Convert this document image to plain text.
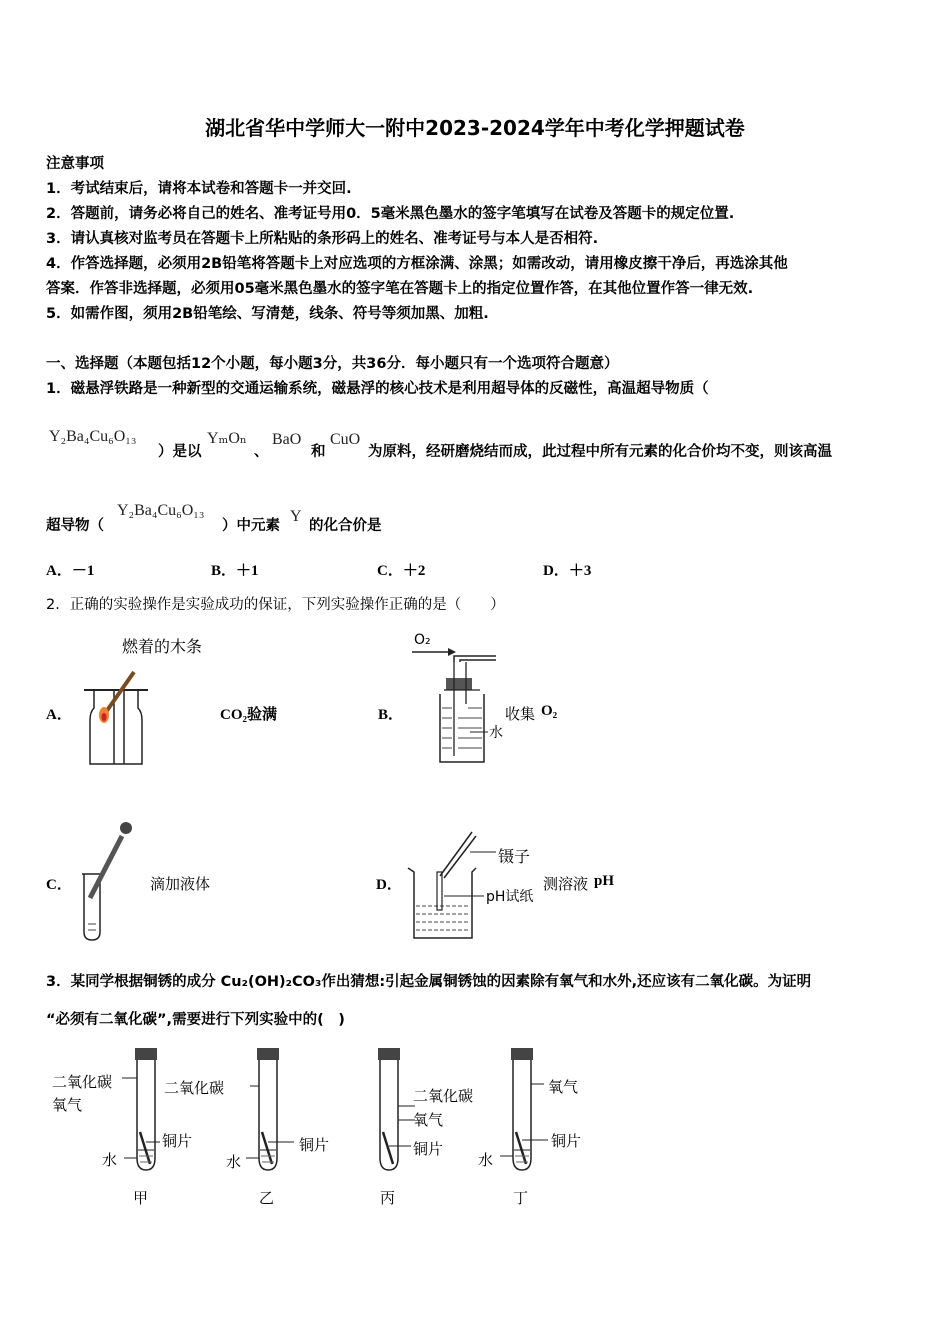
湖北省华中学师大一附中2023-2024学年中考化学押题试卷
注意事项
1．考试结束后，请将本试卷和答题卡一并交回.
2．答题前，请务必将自己的姓名、准考证号用0．5毫米黑色墨水的签字笔填写在试卷及答题卡的规定位置.
3．请认真核对监考员在答题卡上所粘贴的条形码上的姓名、准考证号与本人是否相符.
4．作答选择题，必须用2B铅笔将答题卡上对应选项的方框涂满、涂黑；如需改动，请用橡皮擦干净后，再选涂其他
答案．作答非选择题，必须用05毫米黑色墨水的签字笔在答题卡上的指定位置作答，在其他位置作答一律无效.
5．如需作图，须用2B铅笔绘、写清楚，线条、符号等须加黑、加粗.
一、选择题（本题包括12个小题，每小题3分，共36分．每小题只有一个选项符合题意）
1．磁悬浮铁路是一种新型的交通运输系统，磁悬浮的核心技术是利用超导体的反磁性，高温超导物质（
Y₂Ba₄Cu₆O₁₃
）是以
YₘOₙ
、
BaO
和
CuO
为原料，经研磨烧结而成，此过程中所有元素的化合价均不变，则该高温
超导物（
Y₂Ba₄Cu₆O₁₃
）中元素
Y
的化合价是
A．－1	B．＋1	C．＋2	D．＋3
2．正确的实验操作是实验成功的保证，下列实验操作正确的是（　　）
A．
燃着的木条
CO₂验满	B．
O₂
水
收集 O₂
C．	滴加液体	D．
镊子
pH试纸
测溶液 pH
3．某同学根据铜锈的成分 Cu₂(OH)₂CO₃作出猜想:引起金属铜锈蚀的因素除有氧气和水外,还应该有二氧化碳。为证明
“必须有二氧化碳”,需要进行下列实验中的(　)
二氧化碳
氧气
铜片
水
甲
二氧化碳
铜片
水
乙
二氧化碳
氧气
铜片
丙
氧气
铜片
水
丁
